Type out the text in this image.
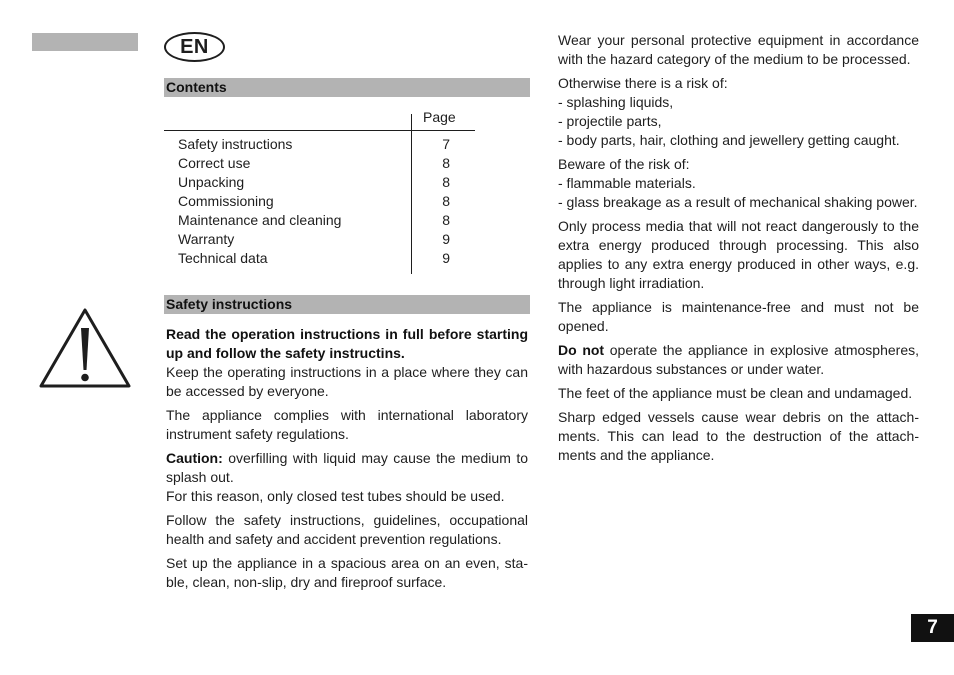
EN
Contents
Page
Safety instructions	7
Correct use	8
Unpacking	8
Commissioning	8
Maintenance and cleaning	8
Warranty	9
Technical data	9
Safety instructions

Read the operation instructions in full before starting up and follow the safety instructins.
Keep the operating instructions in a place where they can be accessed by everyone.

The appliance complies with international laboratory instrument safety regulations.

Caution: overfilling with liquid may cause the medium to splash out.
For this reason, only closed test tubes should be used.

Follow the safety instructions, guidelines, occupational health and safety and accident prevention regulations.

Set up the appliance in a spacious area on an even, sta-ble, clean, non-slip, dry and fireproof surface.

Wear your personal protective equipment in accordance with the hazard category of the medium to be processed.

Otherwise there is a risk of:
- splashing liquids,
- projectile parts,
- body parts, hair, clothing and jewellery getting caught.

Beware of the risk of:
- flammable materials.
- glass breakage as a result of mechanical shaking power.

Only process media that will not react dangerously to the extra energy produced through processing. This also applies to any extra energy produced in other ways, e.g. through light irradiation.

The appliance is maintenance-free and must not be opened.

Do not operate the appliance in explosive atmospheres, with hazardous substances or under water.

The feet of the appliance must be clean and undamaged.

Sharp edged vessels cause wear debris on the attach-ments. This can lead to the destruction of the attach-ments and the appliance.

7
